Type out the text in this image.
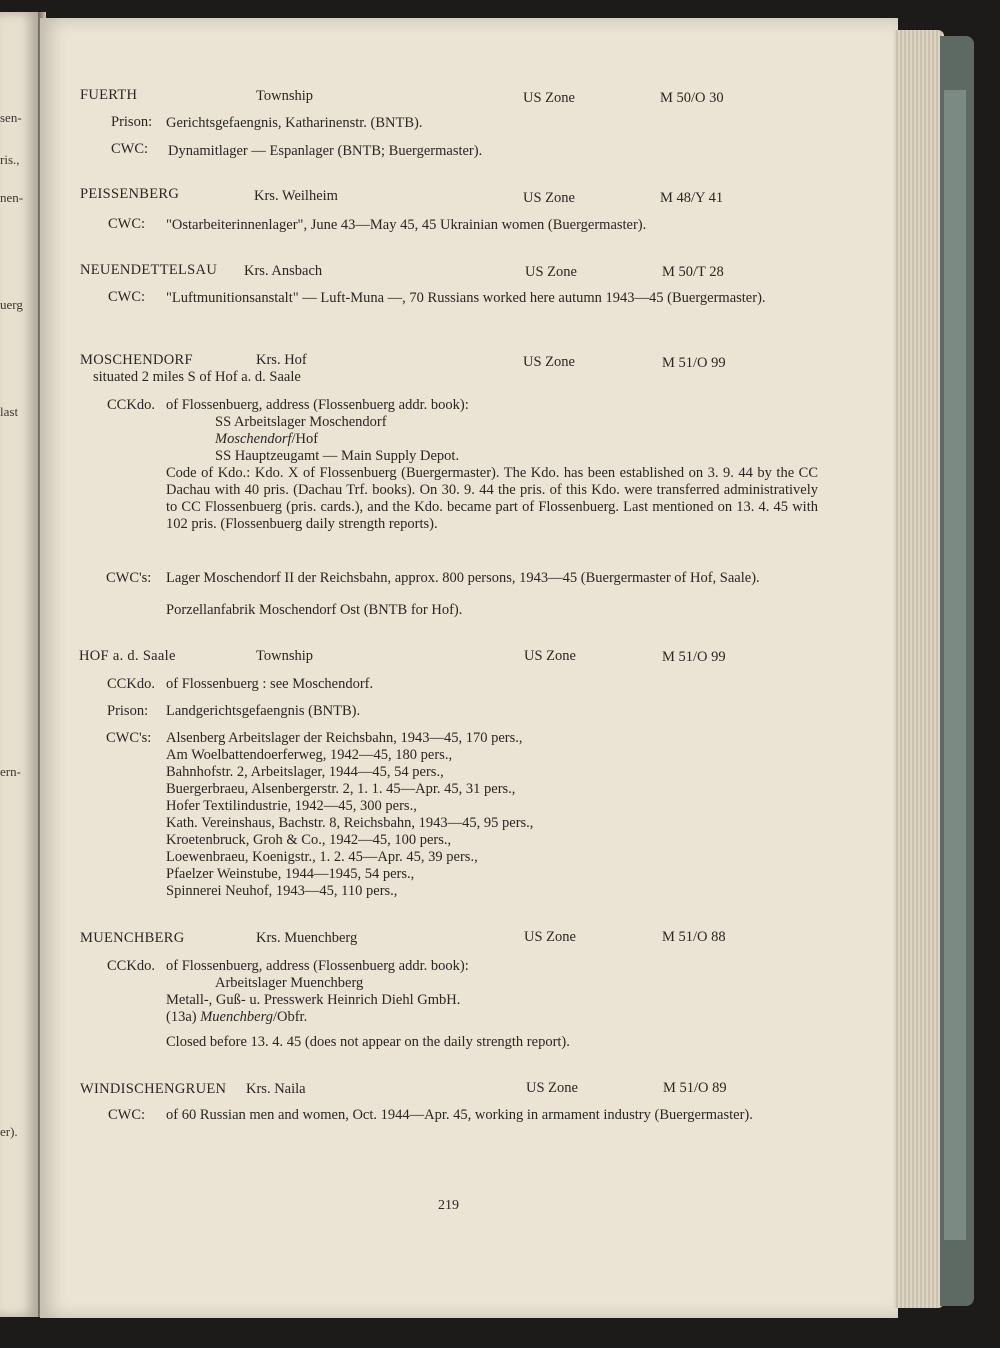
sen-
ris.,
nen-
uerg
last
ern-
er).
FUERTH	Township	US Zone	M 50/O 30
Prison: Gerichtsgefaengnis, Katharinenstr. (BNTB).
CWC: Dynamitlager — Espanlager (BNTB; Buergermaster).
PEISSENBERG	Krs. Weilheim	US Zone	M 48/Y 41
CWC: "Ostarbeiterinnenlager", June 43—May 45, 45 Ukrainian women (Buergermaster).
NEUENDETTELSAU Krs. Ansbach	US Zone	M 50/T 28
CWC: "Luftmunitionsanstalt" — Luft-Muna —, 70 Russians worked here autumn 1943—45 (Buergermaster).
MOSCHENDORF	Krs. Hof	US Zone	M 51/O 99
situated 2 miles S of Hof a. d. Saale
CCKdo. of Flossenbuerg, address (Flossenbuerg addr. book):
SS Arbeitslager Moschendorf
Moschendorf/Hof
SS Hauptzeugamt — Main Supply Depot.
Code of Kdo.: Kdo. X of Flossenbuerg (Buergermaster). The Kdo. has been established on 3. 9. 44 by the CC Dachau with 40 pris. (Dachau Trf. books). On 30. 9. 44 the pris. of this Kdo. were transferred administratively to CC Flossenbuerg (pris. cards.), and the Kdo. became part of Flossenbuerg. Last mentioned on 13. 4. 45 with 102 pris. (Flossenbuerg daily strength reports).
CWC's: Lager Moschendorf II der Reichsbahn, approx. 800 persons, 1943—45 (Buergermaster of Hof, Saale).
Porzellanfabrik Moschendorf Ost (BNTB for Hof).
HOF a. d. Saale	Township	US Zone	M 51/O 99
CCKdo. of Flossenbuerg : see Moschendorf.
Prison: Landgerichtsgefaengnis (BNTB).
CWC's: Alsenberg Arbeitslager der Reichsbahn, 1943—45, 170 pers.,
Am Woelbattendoerferweg, 1942—45, 180 pers.,
Bahnhofstr. 2, Arbeitslager, 1944—45, 54 pers.,
Buergerbraeu, Alsenbergerstr. 2, 1. 1. 45—Apr. 45, 31 pers.,
Hofer Textilindustrie, 1942—45, 300 pers.,
Kath. Vereinshaus, Bachstr. 8, Reichsbahn, 1943—45, 95 pers.,
Kroetenbruck, Groh & Co., 1942—45, 100 pers.,
Loewenbraeu, Koenigstr., 1. 2. 45—Apr. 45, 39 pers.,
Pfaelzer Weinstube, 1944—1945, 54 pers.,
Spinnerei Neuhof, 1943—45, 110 pers.,
MUENCHBERG	Krs. Muenchberg	US Zone	M 51/O 88
CCKdo. of Flossenbuerg, address (Flossenbuerg addr. book):
Arbeitslager Muenchberg
Metall-, Guß- u. Presswerk Heinrich Diehl GmbH.
(13a) Muenchberg/Obfr.
Closed before 13. 4. 45 (does not appear on the daily strength report).
WINDISCHENGRUEN Krs. Naila	US Zone	M 51/O 89
CWC: of 60 Russian men and women, Oct. 1944—Apr. 45, working in armament industry (Buergermaster).
219
